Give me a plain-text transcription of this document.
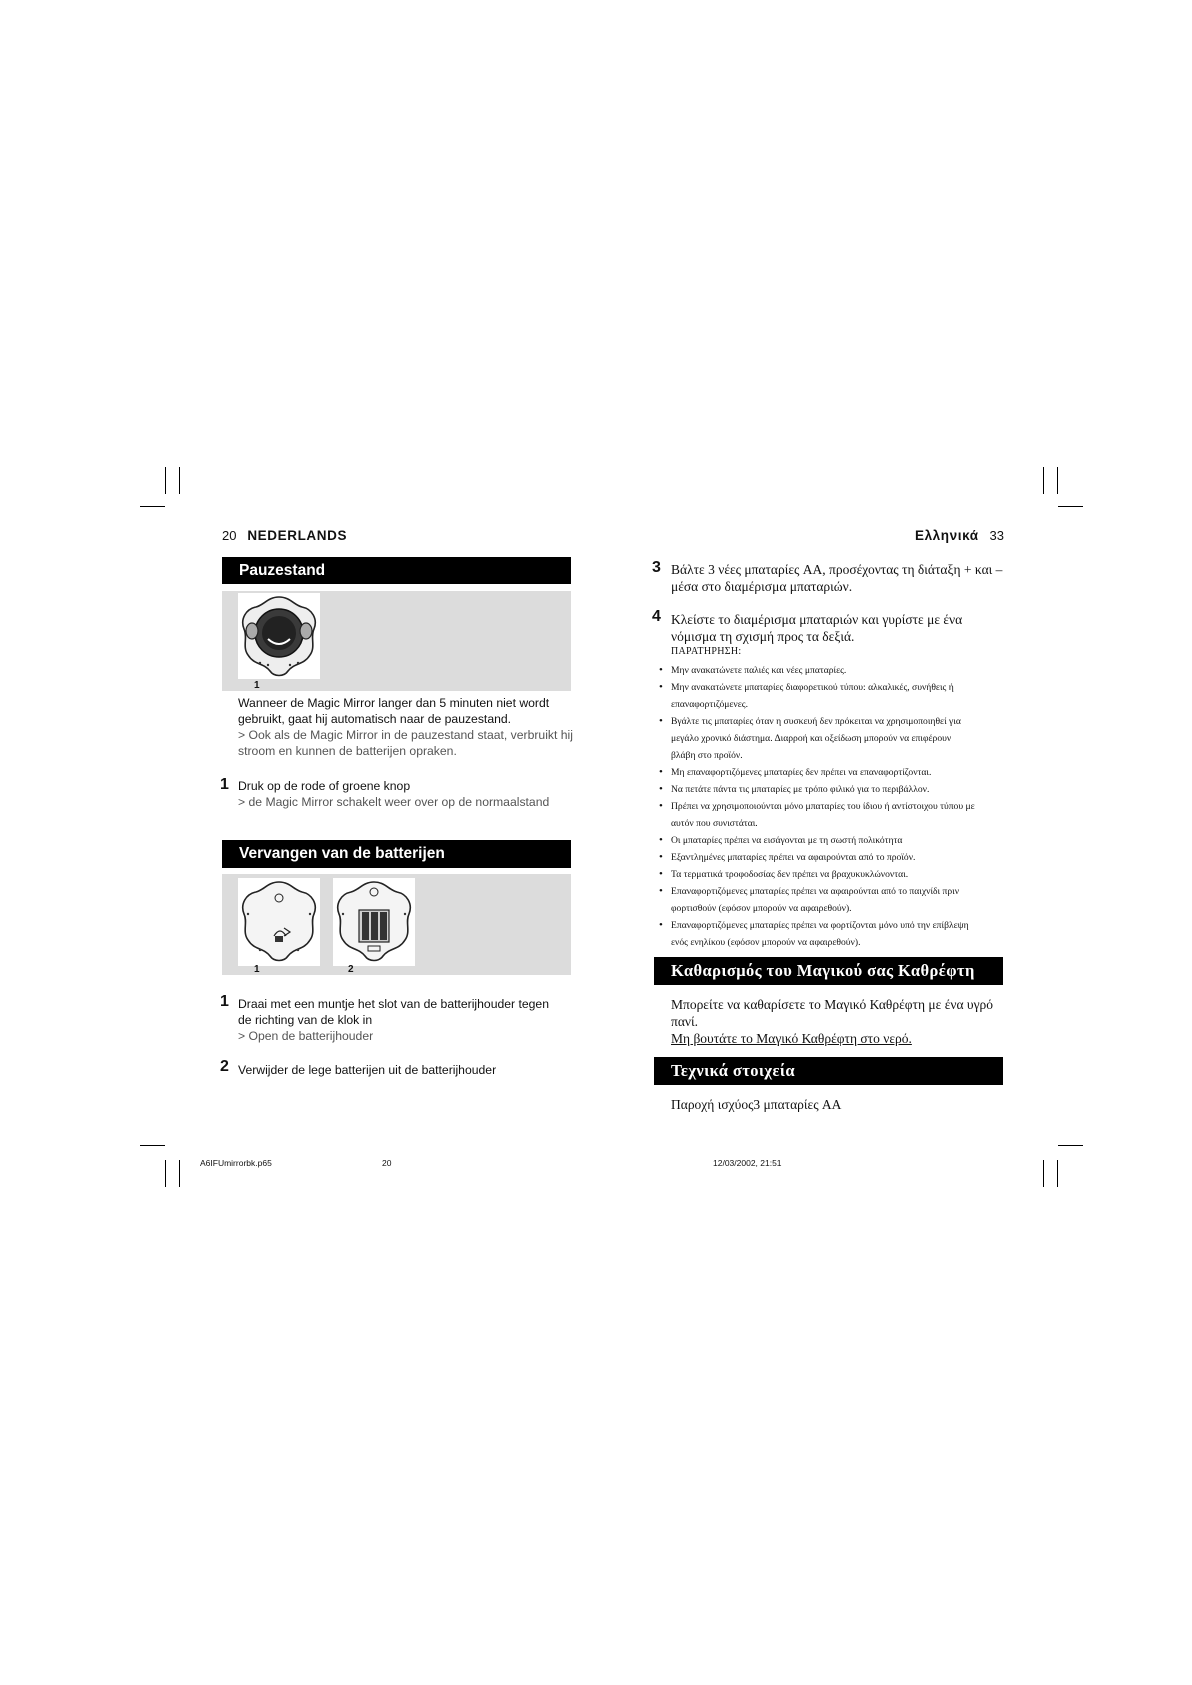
20 NEDERLANDS
Pauzestand
1
Wanneer de Magic Mirror langer dan 5 minuten niet wordt
gebruikt, gaat hij automatisch naar de pauzestand.
> Ook als de Magic Mirror in de pauzestand staat, verbruikt hij
stroom en kunnen de batterijen opraken.
1 Druk op de rode of groene knop
> de Magic Mirror schakelt weer over op de normaalstand
Vervangen van de batterijen
1	2
1 Draai met een muntje het slot van de batterijhouder tegen
de richting van de klok in
> Open de batterijhouder
2 Verwijder de lege batterijen uit de batterijhouder
Ελληνικά 33
3 Βάλτε 3 νέες μπαταρίες AA, προσέχοντας τη διάταξη + και –
μέσα στο διαμέρισμα μπαταριών.
4 Κλείστε το διαμέρισμα μπαταριών και γυρίστε με ένα
νόμισμα τη σχισμή προς τα δεξιά.
ΠΑΡΑΤΗΡΗΣΗ:
• Μην ανακατώνετε παλιές και νέες μπαταρίες.
• Μην ανακατώνετε μπαταρίες διαφορετικού τύπου: αλκαλικές, συνήθεις ή
επαναφορτιζόμενες.
• Βγάλτε τις μπαταρίες όταν η συσκευή δεν πρόκειται να χρησιμοποιηθεί για
μεγάλο χρονικό διάστημα. Διαρροή και οξείδωση μπορούν να επιφέρουν
βλάβη στο προϊόν.
• Μη επαναφορτιζόμενες μπαταρίες δεν πρέπει να επαναφορτίζονται.
• Να πετάτε πάντα τις μπαταρίες με τρόπο φιλικό για το περιβάλλον.
• Πρέπει να χρησιμοποιούνται μόνο μπαταρίες του ίδιου ή αντίστοιχου τύπου με
αυτόν που συνιστάται.
• Οι μπαταρίες πρέπει να εισάγονται με τη σωστή πολικότητα
• Εξαντλημένες μπαταρίες πρέπει να αφαιρούνται από το προϊόν.
• Τα τερματικά τροφοδοσίας δεν πρέπει να βραχυκυκλώνονται.
• Επαναφορτιζόμενες μπαταρίες πρέπει να αφαιρούνται από το παιχνίδι πριν
φορτισθούν (εφόσον μπορούν να αφαιρεθούν).
• Επαναφορτιζόμενες μπαταρίες πρέπει να φορτίζονται μόνο υπό την επίβλεψη
ενός ενηλίκου (εφόσον μπορούν να αφαιρεθούν).
Καθαρισμός του Μαγικού σας Καθρέφτη
Μπορείτε να καθαρίσετε το Μαγικό Καθρέφτη με ένα υγρό
πανί.
Μη βουτάτε το Μαγικό Καθρέφτη στο νερό.
Τεχνικά στοιχεία
Παροχή ισχύος3 μπαταρίες AA
A6IFUmirrorbk.p65	20	12/03/2002, 21:51
